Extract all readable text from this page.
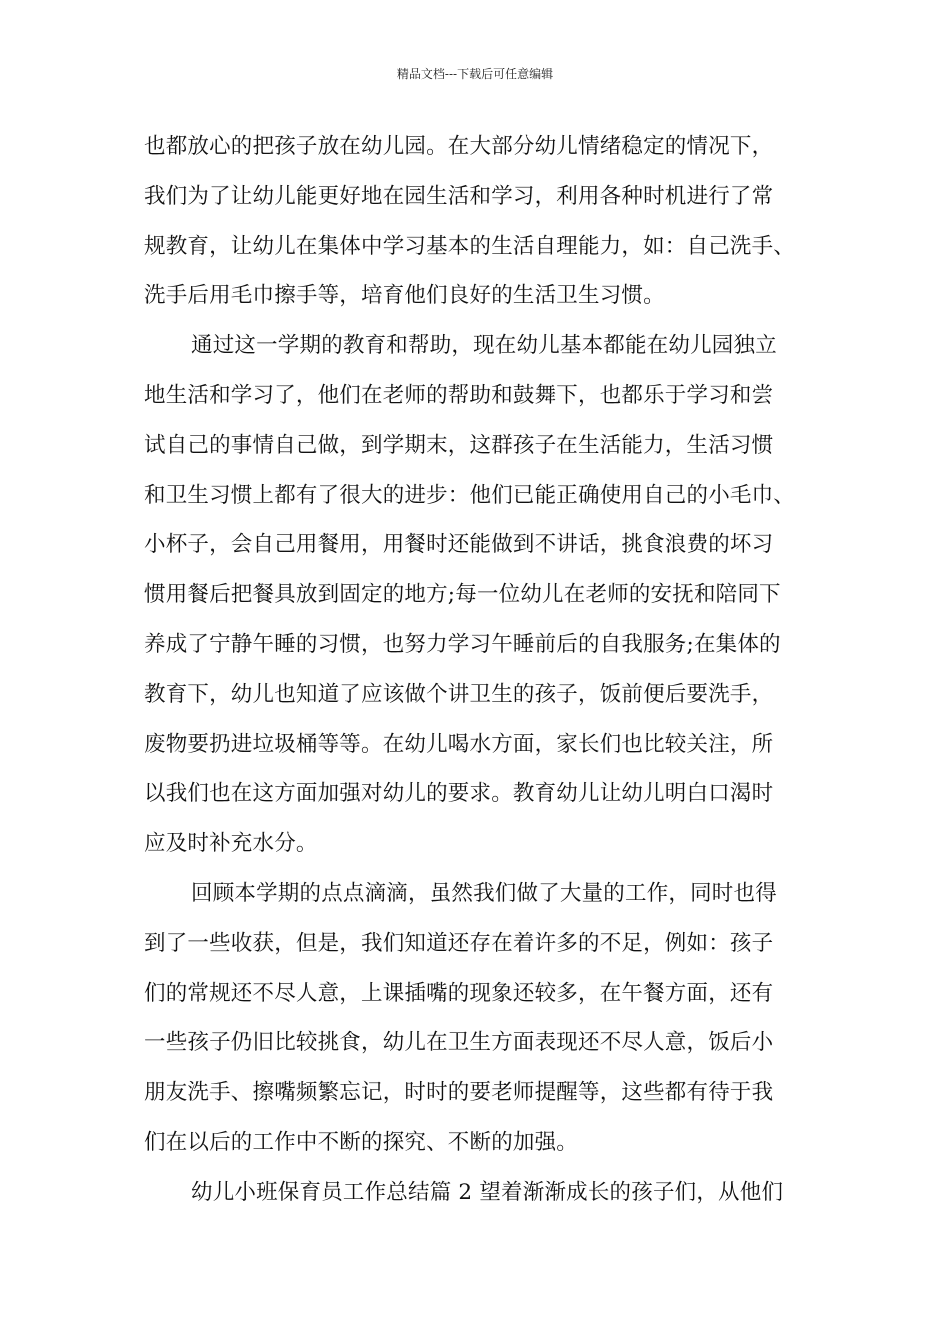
精品文档---下载后可任意编辑
也都放心的把孩子放在幼儿园。在大部分幼儿情绪稳定的情况下，
我们为了让幼儿能更好地在园生活和学习，利用各种时机进行了常
规教育，让幼儿在集体中学习基本的生活自理能力，如：自己洗手、
洗手后用毛巾擦手等，培育他们良好的生活卫生习惯。
通过这一学期的教育和帮助，现在幼儿基本都能在幼儿园独立
地生活和学习了，他们在老师的帮助和鼓舞下，也都乐于学习和尝
试自己的事情自己做，到学期末，这群孩子在生活能力，生活习惯
和卫生习惯上都有了很大的进步：他们已能正确使用自己的小毛巾、
小杯子，会自己用餐用，用餐时还能做到不讲话，挑食浪费的坏习
惯用餐后把餐具放到固定的地方;每一位幼儿在老师的安抚和陪同下
养成了宁静午睡的习惯，也努力学习午睡前后的自我服务;在集体的
教育下，幼儿也知道了应该做个讲卫生的孩子，饭前便后要洗手，
废物要扔进垃圾桶等等。在幼儿喝水方面，家长们也比较关注，所
以我们也在这方面加强对幼儿的要求。教育幼儿让幼儿明白口渴时
应及时补充水分。
回顾本学期的点点滴滴，虽然我们做了大量的工作，同时也得
到了一些收获，但是，我们知道还存在着许多的不足，例如：孩子
们的常规还不尽人意，上课插嘴的现象还较多，在午餐方面，还有
一些孩子仍旧比较挑食，幼儿在卫生方面表现还不尽人意，饭后小
朋友洗手、擦嘴频繁忘记，时时的要老师提醒等，这些都有待于我
们在以后的工作中不断的探究、不断的加强。
幼儿小班保育员工作总结篇 2 望着渐渐成长的孩子们，从他们
